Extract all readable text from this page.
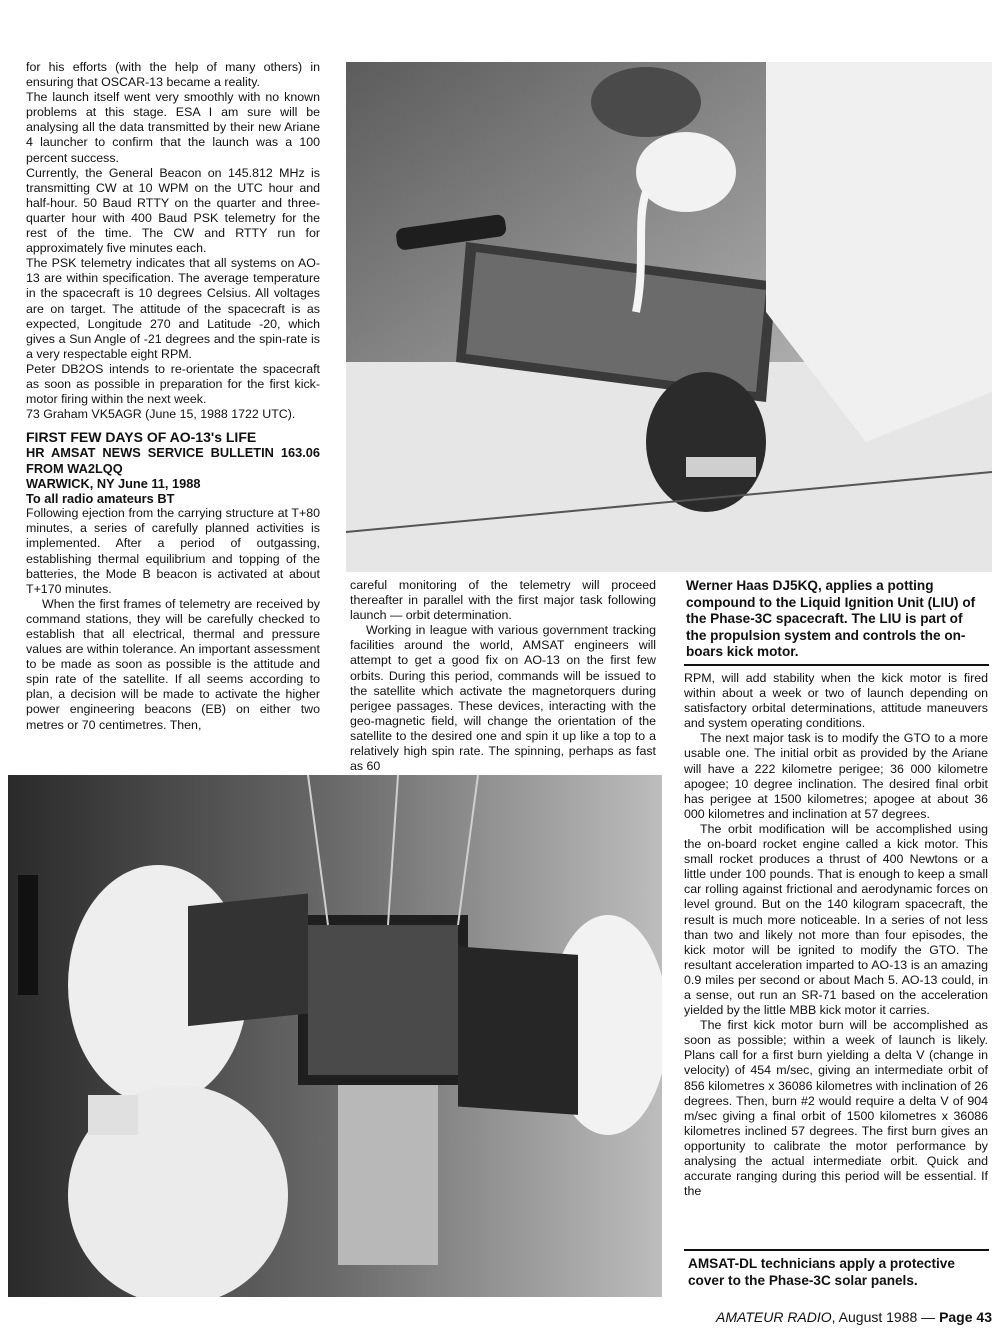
for his efforts (with the help of many others) in ensuring that OSCAR-13 became a reality.

The launch itself went very smoothly with no known problems at this stage. ESA I am sure will be analysing all the data transmitted by their new Ariane 4 launcher to confirm that the launch was a 100 percent success.

Currently, the General Beacon on 145.812 MHz is transmitting CW at 10 WPM on the UTC hour and half-hour. 50 Baud RTTY on the quarter and three-quarter hour with 400 Baud PSK telemetry for the rest of the time. The CW and RTTY run for approximately five minutes each.

The PSK telemetry indicates that all systems on AO-13 are within specification. The average temperature in the spacecraft is 10 degrees Celsius. All voltages are on target. The attitude of the spacecraft is as expected, Longitude 270 and Latitude -20, which gives a Sun Angle of -21 degrees and the spin-rate is a very respectable eight RPM.

Peter DB2OS intends to re-orientate the spacecraft as soon as possible in preparation for the first kick-motor firing within the next week.

73 Graham VK5AGR (June 15, 1988 1722 UTC).

FIRST FEW DAYS OF AO-13's LIFE
HR AMSAT NEWS SERVICE BULLETIN 163.06 FROM WA2LQQ
WARWICK, NY June 11, 1988
To all radio amateurs BT

Following ejection from the carrying structure at T+80 minutes, a series of carefully planned activities is implemented. After a period of outgassing, establishing thermal equilibrium and topping of the batteries, the Mode B beacon is activated at about T+170 minutes.

When the first frames of telemetry are received by command stations, they will be carefully checked to establish that all electrical, thermal and pressure values are within tolerance. An important assessment to be made as soon as possible is the attitude and spin rate of the satellite. If all seems according to plan, a decision will be made to activate the higher power engineering beacons (EB) on either two metres or 70 centimetres. Then,

careful monitoring of the telemetry will proceed thereafter in parallel with the first major task following launch — orbit determination.

Working in league with various government tracking facilities around the world, AMSAT engineers will attempt to get a good fix on AO-13 on the first few orbits. During this period, commands will be issued to the satellite which activate the magnetorquers during perigee passages. These devices, interacting with the geo-magnetic field, will change the orientation of the satellite to the desired one and spin it up like a top to a relatively high spin rate. The spinning, perhaps as fast as 60

Werner Haas DJ5KQ, applies a potting compound to the Liquid Ignition Unit (LIU) of the Phase-3C spacecraft. The LIU is part of the propulsion system and controls the on-boars kick motor.

RPM, will add stability when the kick motor is fired within about a week or two of launch depending on satisfactory orbital determinations, attitude maneuvers and system operating conditions.

The next major task is to modify the GTO to a more usable one. The initial orbit as provided by the Ariane will have a 222 kilometre perigee; 36 000 kilometre apogee; 10 degree inclination. The desired final orbit has perigee at 1500 kilometres; apogee at about 36 000 kilometres and inclination at 57 degrees.

The orbit modification will be accomplished using the on-board rocket engine called a kick motor. This small rocket produces a thrust of 400 Newtons or a little under 100 pounds. That is enough to keep a small car rolling against frictional and aerodynamic forces on level ground. But on the 140 kilogram spacecraft, the result is much more noticeable. In a series of not less than two and likely not more than four episodes, the kick motor will be ignited to modify the GTO. The resultant acceleration imparted to AO-13 is an amazing 0.9 miles per second or about Mach 5. AO-13 could, in a sense, out run an SR-71 based on the acceleration yielded by the little MBB kick motor it carries.

The first kick motor burn will be accomplished as soon as possible; within a week of launch is likely. Plans call for a first burn yielding a delta V (change in velocity) of 454 m/sec, giving an intermediate orbit of 856 kilometres x 36086 kilometres with inclination of 26 degrees. Then, burn #2 would require a delta V of 904 m/sec giving a final orbit of 1500 kilometres x 36086 kilometres inclined 57 degrees. The first burn gives an opportunity to calibrate the motor performance by analysing the actual intermediate orbit. Quick and accurate ranging during this period will be essential. If the

AMSAT-DL technicians apply a protective cover to the Phase-3C solar panels.
AMATEUR RADIO, August 1988 — Page 43
